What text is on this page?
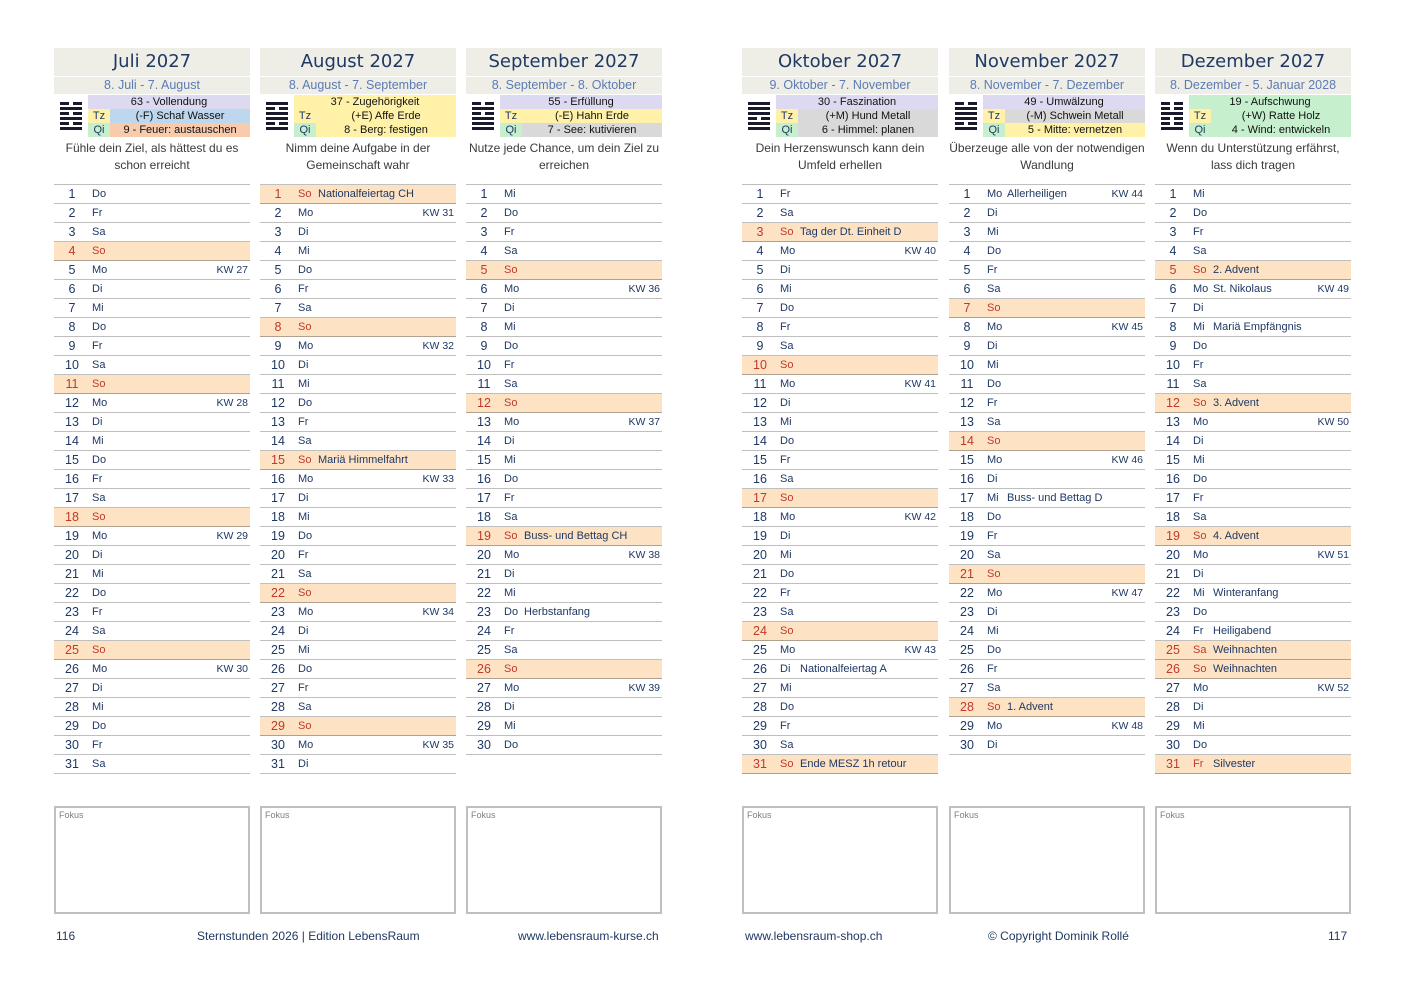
Juli 2027
8. Juli - 7. August
63 - Vollendung
Tz	(-F) Schaf Wasser
Qi	9 - Feuer: austauschen
Fühle dein Ziel, als hättest du es schon erreicht
1	Do
2	Fr
3	Sa
4	So
5	Mo	KW 27
6	Di
7	Mi
8	Do
9	Fr
10	Sa
11	So
12	Mo	KW 28
13	Di
14	Mi
15	Do
16	Fr
17	Sa
18	So
19	Mo	KW 29
20	Di
21	Mi
22	Do
23	Fr
24	Sa
25	So
26	Mo	KW 30
27	Di
28	Mi
29	Do
30	Fr
31	Sa
Fokus
August 2027
8. August - 7. September
37 - Zugehörigkeit
Tz	(+E) Affe Erde
Qi	8 - Berg: festigen
Nimm deine Aufgabe in der Gemeinschaft wahr
1	So Nationalfeiertag CH
2	Mo	KW 31
3	Di
4	Mi
5	Do
6	Fr
7	Sa
8	So
9	Mo	KW 32
10	Di
11	Mi
12	Do
13	Fr
14	Sa
15	So Mariä Himmelfahrt
16	Mo	KW 33
17	Di
18	Mi
19	Do
20	Fr
21	Sa
22	So
23	Mo	KW 34
24	Di
25	Mi
26	Do
27	Fr
28	Sa
29	So
30	Mo	KW 35
31	Di
Fokus
September 2027
8. September - 8. Oktober
55 - Erfüllung
Tz	(-E) Hahn Erde
Qi	7 - See: kutivieren
Nutze jede Chance, um dein Ziel zu erreichen
1	Mi
2	Do
3	Fr
4	Sa
5	So
6	Mo	KW 36
7	Di
8	Mi
9	Do
10	Fr
11	Sa
12	So
13	Mo	KW 37
14	Di
15	Mi
16	Do
17	Fr
18	Sa
19	So Buss- und Bettag CH
20	Mo	KW 38
21	Di
22	Mi
23	Do Herbstanfang
24	Fr
25	Sa
26	So
27	Mo	KW 39
28	Di
29	Mi
30	Do
Fokus
Oktober 2027
9. Oktober - 7. November
30 - Faszination
Tz	(+M) Hund Metall
Qi	6 - Himmel: planen
Dein Herzenswunsch kann dein Umfeld erhellen
1	Fr
2	Sa
3	So Tag der Dt. Einheit D
4	Mo	KW 40
5	Di
6	Mi
7	Do
8	Fr
9	Sa
10	So
11	Mo	KW 41
12	Di
13	Mi
14	Do
15	Fr
16	Sa
17	So
18	Mo	KW 42
19	Di
20	Mi
21	Do
22	Fr
23	Sa
24	So
25	Mo	KW 43
26	Di Nationalfeiertag A
27	Mi
28	Do
29	Fr
30	Sa
31	So Ende MESZ 1h retour
Fokus
November 2027
8. November - 7. Dezember
49 - Umwälzung
Tz	(-M) Schwein Metall
Qi	5 - Mitte: vernetzen
Überzeuge alle von der notwendigen Wandlung
1	Mo Allerheiligen	KW 44
2	Di
3	Mi
4	Do
5	Fr
6	Sa
7	So
8	Mo	KW 45
9	Di
10	Mi
11	Do
12	Fr
13	Sa
14	So
15	Mo	KW 46
16	Di
17	Mi Buss- und Bettag D
18	Do
19	Fr
20	Sa
21	So
22	Mo	KW 47
23	Di
24	Mi
25	Do
26	Fr
27	Sa
28	So 1. Advent
29	Mo	KW 48
30	Di
Fokus
Dezember 2027
8. Dezember - 5. Januar 2028
19 - Aufschwung
Tz	(+W) Ratte Holz
Qi	4 - Wind: entwickeln
Wenn du Unterstützung erfährst, lass dich tragen
1	Mi
2	Do
3	Fr
4	Sa
5	So 2. Advent
6	Mo St. Nikolaus	KW 49
7	Di
8	Mi Mariä Empfängnis
9	Do
10	Fr
11	Sa
12	So 3. Advent
13	Mo	KW 50
14	Di
15	Mi
16	Do
17	Fr
18	Sa
19	So 4. Advent
20	Mo	KW 51
21	Di
22	Mi Winteranfang
23	Do
24	Fr Heiligabend
25	Sa Weihnachten
26	So Weihnachten
27	Mo	KW 52
28	Di
29	Mi
30	Do
31	Fr Silvester
Fokus
116	Sternstunden 2026 | Edition LebensRaum	www.lebensraum-kurse.ch	www.lebensraum-shop.ch	© Copyright Dominik Rollé	117
